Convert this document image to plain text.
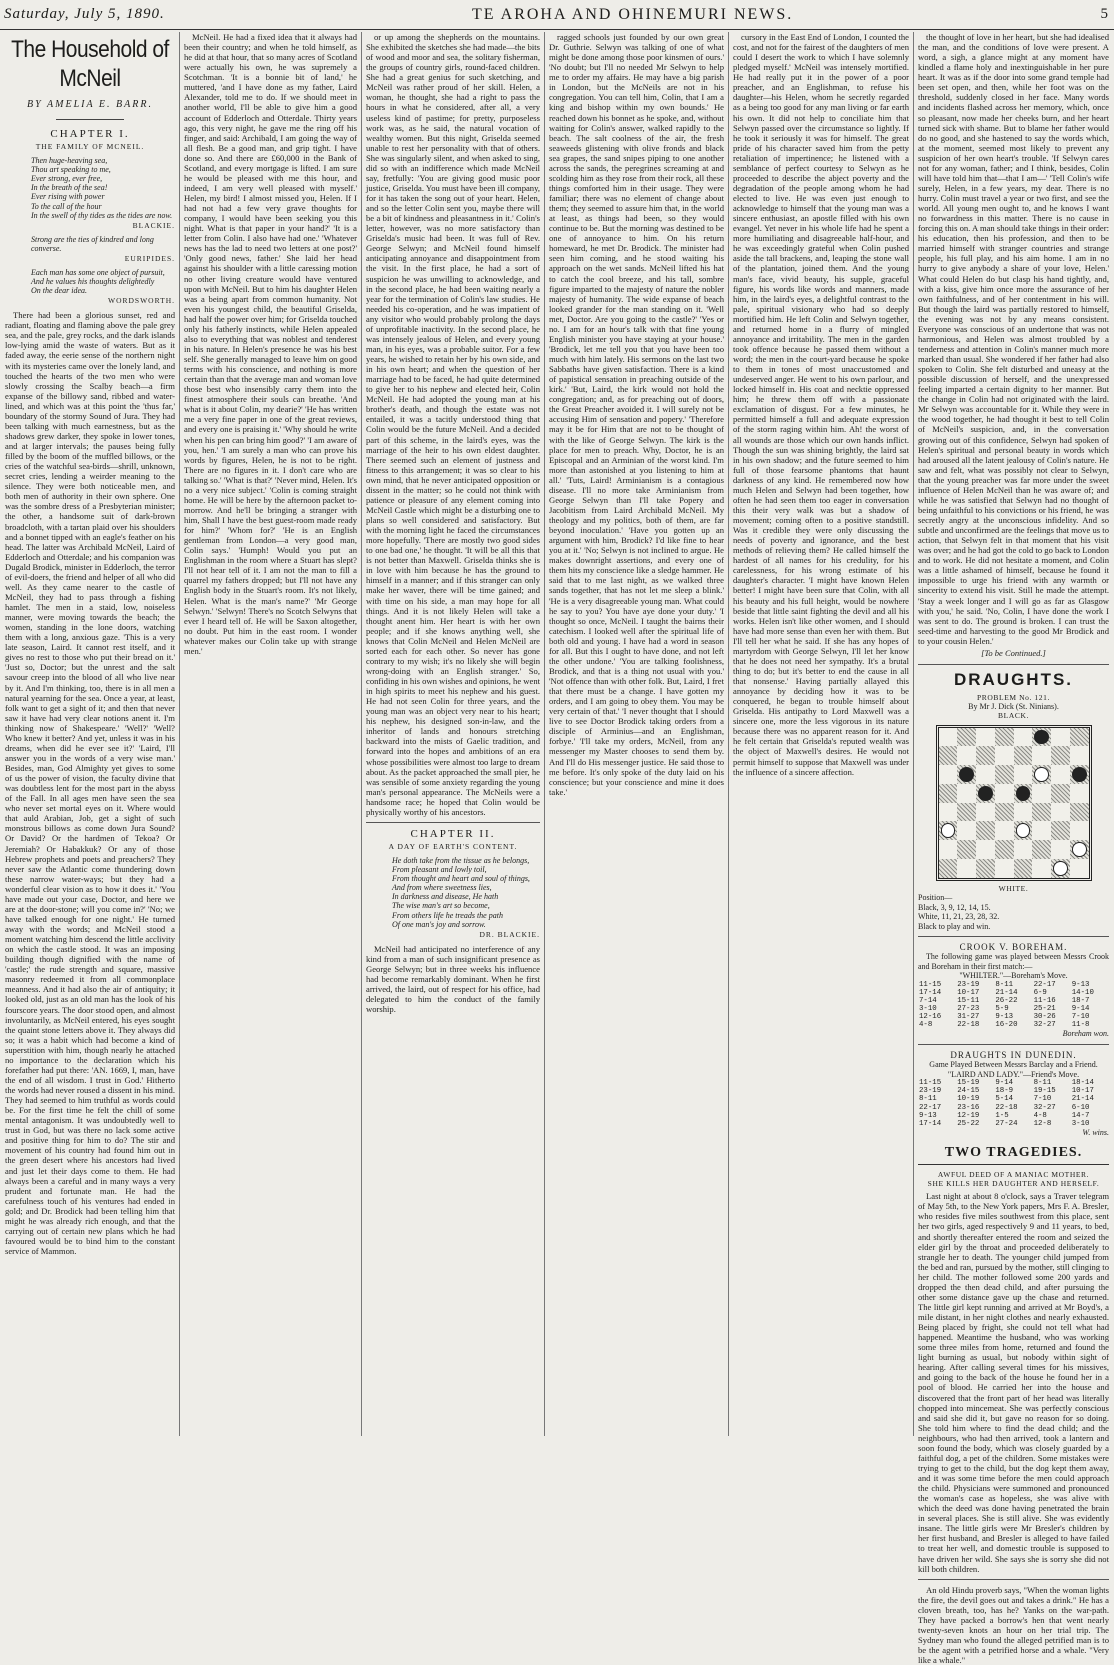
Saturday, July 5, 1890.	TE AROHA AND OHINEMURI NEWS.	5
The Household of McNeil
BY AMELIA E. BARR.
CHAPTER I.
THE FAMILY OF MCNEIL.
Then huge-heaving sea,
Thou art speaking to me,
Ever strong, ever free,
In the breath of the sea!
Ever rising with power
To the call of the hour
In the swell of thy tides as the tides are now.
BLACKIE.
Strong are the ties of kindred and long converse.
EURIPIDES.
Each man has some one object of pursuit,
And he values his thoughts delightedly
On the dear idea.
WORDSWORTH.

There had been a glorious sunset, red and radiant, floating and flaming above the pale grey sea, and the pale, grey rocks, and the dark islands low-lying amid the waste of waters. But as it faded away, the eerie sense of the northern night with its mysteries came over the lonely land, and touched the hearts of the two men who were slowly crossing the Scalby beach—a firm expanse of the billowy sand, ribbed and water-lined, and which was at this point the 'thus far,' boundary of the stormy Sound of Jura. They had been talking with much earnestness, but as the shadows grew darker, they spoke in lower tones, and at larger intervals; the pauses being fully filled by the boom of the muffled billows, or the cries of the watchful sea-birds—shrill, unknown, secret cries, lending a weirder meaning to the silence. They were both noticeable men, and both men of authority in their own sphere. One was the sombre dress of a Presbyterian minister; the other, a handsome suit of dark-brown broadcloth, with a tartan plaid over his shoulders and a bonnet tipped with an eagle's feather on his head. The latter was Archibald McNeil, Laird of Edderloch and Otterdale; and his companion was Dugald Brodick, minister in Edderloch, the terror of evil-doers, the friend and helper of all who did well. As they came nearer to the castle of McNeil, they had to pass through a fishing hamlet. The men in a staid, low, noiseless manner, were moving towards the beach; the women, standing in the lone doors, watching them with a long, anxious gaze. 'This is a very late season, Laird. It cannot rest itself, and it gives no rest to those who put their bread on it.' 'Just so, Doctor; but the unrest and the salt savour creep into the blood of all who live near by it. And I'm thinking, too, there is in all men a natural yearning for the sea. Once a year, at least, folk want to get a sight of it; and then that never saw it have had very clear notions anent it. I'm thinking now of Shakespeare.' 'Well?' 'Well? Who knew it better? And yet, unless it was in his dreams, when did he ever see it?' 'Laird, I'll answer you in the words of a very wise man.' Besides, man, God Almighty yet gives to some of us the power of vision, the faculty divine that was doubtless lent for the most part in the abyss of the Fall. In all ages men have seen the sea who never set mortal eyes on it. Where would that auld Arabian, Job, get a sight of such monstrous billows as come down Jura Sound? Or David? Or the hardmen of Tekoa? Or Jeremiah? Or Habakkuk? Or any of those Hebrew prophets and poets and preachers? They never saw the Atlantic come thundering down these narrow water-ways; but they had a wonderful clear vision as to how it does it.' 'You have made out your case, Doctor, and here we are at the door-stone; will you come in?' 'No; we have talked enough for one night.' He turned away with the words; and McNeil stood a moment watching him descend the little acclivity on which the castle stood. It was an imposing building though dignified with the name of 'castle;' the rude strength and square, massive masonry redeemed it from all commonplace meanness. And it had also the air of antiquity; it looked old, just as an old man has the look of his fourscore years. The door stood open, and almost involuntarily, as McNeil entered, his eyes sought the quaint stone letters above it. They always did so; it was a habit which had become a kind of superstition with him, though nearly he attached no importance to the declaration which his forefather had put there: 'AN. 1669, I, man, have the end of all wisdom. I trust in God.' Hitherto the words had never roused a dissent in his mind. They had seemed to him truthful as words could be. For the first time he felt the chill of some mental antagonism. It was undoubtedly well to trust in God, but was there no lack some active and positive thing for him to do? The stir and movement of his country had found him out in the green desert where his ancestors had lived and just let their days come to them. He had always been a careful and in many ways a very prudent and fortunate man. He had the carefulness touch of his ventures had ended in gold; and Dr. Brodick had been telling him that might he was already rich enough, and that the carrying out of certain new plans which he had favoured would be to bind him to the constant service of Mammon.

McNeil. He had a fixed idea that it always had been their country; and when he told himself, as he did at that hour, that so many acres of Scotland were actually his own, he was supremely a Scotchman. 'It is a bonnie bit of land,' he muttered, 'and I have done as my father, Laird Alexander, told me to do. If we should meet in another world, I'll be able to give him a good account of Edderloch and Otterdale. Thirty years ago, this very night, he gave me the ring off his finger, and said: Archibald, I am going the way of all flesh. Be a good man, and grip tight. I have done so. And there are £60,000 in the Bank of Scotland, and every mortgage is lifted. I am sure he would be pleased with me this hour, and indeed, I am very well pleased with myself.' Helen, my bird! I almost missed you, Helen. If I had not had a few very grave thoughts for company, I would have been seeking you this night. What is that paper in your hand?' 'It is a letter from Colin. I also have had one.' 'Whatever news has the lad to need two letters at one post?' 'Only good news, father.' She laid her head against his shoulder with a little caressing motion no other living creature would have ventured upon with McNeil. But to him his daughter Helen was a being apart from common humanity. Not even his youngest child, the beautiful Griselda, had half the power over him; for Griselda touched only his fatherly instincts, while Helen appealed also to everything that was noblest and tenderest in his nature. In Helen's presence he was his best self. She generally managed to leave him on good terms with his conscience, and nothing is more certain than that the average man and woman love those best who insensibly carry them into the finest atmosphere their souls can breathe. 'And what is it about Colin, my dearie?' 'He has written me a very fine paper in one of the great reviews, and every one is praising it.' 'Why should he write when his pen can bring him good?' 'I am aware of you, hen.' 'I am surely a man who can prove his words by figures, Helen, he is not to be right. There are no figures in it. I don't care who are talking so.' 'What is that?' 'Never mind, Helen. It's no a very nice subject.' 'Colin is coming straight home. He will be here by the afternoon packet to-morrow. And he'll be bringing a stranger with him, Shall I have the best guest-room made ready for him?' 'Whom for?' 'He is an English gentleman from London—a very good man, Colin says.' 'Humph! Would you put an Englishman in the room where a Stuart has slept? I'll not hear tell of it. I am not the man to fill a quarrel my fathers dropped; but I'll not have any English body in the Stuart's room. It's not likely, Helen. What is the man's name?' 'Mr George Selwyn.' 'Selwyn! There's no Scotch Selwyns that ever I heard tell of. He will be Saxon altogether, no doubt. Put him in the east room. I wonder whatever makes our Colin take up with strange men.'

or up among the shepherds on the mountains. She exhibited the sketches she had made—the bits of wood and moor and sea, the solitary fisherman, the groups of country girls, round-faced children. She had a great genius for such sketching, and McNeil was rather proud of her skill. Helen, a woman, he thought, she had a right to pass the hours in what he considered, after all, a very useless kind of pastime; for pretty, purposeless work was, as he said, the natural vocation of wealthy women. But this night, Griselda seemed unable to rest her personality with that of others. She was singularly silent, and when asked to sing, did so with an indifference which made McNeil say, fretfully: 'You are giving good music poor justice, Griselda. You must have been ill company, for it has taken the song out of your heart. Helen, and so the letter Colin sent you, maybe there will be a bit of kindness and pleasantness in it.' Colin's letter, however, was no more satisfactory than Griselda's music had been. It was full of Rev. George Selwyn; and McNeil found himself anticipating annoyance and disappointment from the visit. In the first place, he had a sort of suspicion he was unwilling to acknowledge, and in the second place, he had been waiting nearly a year for the termination of Colin's law studies. He needed his co-operation, and he was impatient of any visitor who would probably prolong the days of unprofitable inactivity. In the second place, he was intensely jealous of Helen, and every young man, in his eyes, was a probable suitor. For a few years, he wished to retain her by his own side, and in his own heart; and when the question of her marriage had to be faced, he had quite determined to give her to his nephew and elected heir, Colin McNeil. He had adopted the young man at his brother's death, and though the estate was not entailed, it was a tacitly understood thing that Colin would be the future McNeil. And a decided part of this scheme, in the laird's eyes, was the marriage of the heir to his own eldest daughter. There seemed such an element of justness and fitness to this arrangement; it was so clear to his own mind, that he never anticipated opposition or dissent in the matter; so he could not think with patience or pleasure of any element coming into McNeil Castle which might be a disturbing one to plans so well considered and satisfactory. But with the morning light he faced the circumstances more hopefully. 'There are mostly two good sides to one bad one,' he thought. 'It will be all this that is not better than Maxwell. Griselda thinks she is in love with him because he has the ground to himself in a manner; and if this stranger can only make her waver, there will be time gained; and with time on his side, a man may hope for all things. And it is not likely Helen will take a thought anent him. Her heart is with her own people; and if she knows anything well, she knows that Colin McNeil and Helen McNeil are sorted each for each other. So never has gone contrary to my wish; it's no likely she will begin wrong-doing with an English stranger.' So, confiding in his own wishes and opinions, he went in high spirits to meet his nephew and his guest. He had not seen Colin for three years, and the young man was an object very near to his heart; his nephew, his designed son-in-law, and the inheritor of lands and honours stretching backward into the mists of Gaelic tradition, and forward into the hopes and ambitions of an era whose possibilities were almost too large to dream about. As the packet approached the small pier, he was sensible of some anxiety regarding the young man's personal appearance. The McNeils were a handsome race; he hoped that Colin would be physically worthy of his ancestors.

CHAPTER II.
A DAY OF EARTH'S CONTENT.
He doth take from the tissue as he belongs,
From pleasant and lowly toil,
From thought and heart and soul of things,
And from where sweetness lies,
In darkness and disease, He hath
The wise man's art so become,
From others life he treads the path
Of one man's joy and sorrow.
DR. BLACKIE.

McNeil had anticipated no interference of any kind from a man of such insignificant presence as George Selwyn; but in three weeks his influence had become remarkably dominant. When he first arrived, the laird, out of respect for his office, had delegated to him the conduct of the family worship.

ragged schools just founded by our own great Dr. Guthrie. Selwyn was talking of one of what might be done among those poor kinsmen of ours.' 'No doubt; but I'll no needed Mr Selwyn to help me to order my affairs. He may have a big parish in London, but the McNeils are not in his congregation. You can tell him, Colin, that I am a king and bishop within my own bounds.' He reached down his bonnet as he spoke, and, without waiting for Colin's answer, walked rapidly to the beach. The salt coolness of the air, the fresh seaweeds glistening with olive fronds and black sea grapes, the sand snipes piping to one another across the sands, the peregrines screaming at and scolding him as they rose from their rock, all these things comforted him in their usage. They were familiar; there was no element of change about them; they seemed to assure him that, in the world at least, as things had been, so they would continue to be. But the morning was destined to be one of annoyance to him. On his return homeward, he met Dr. Brodick. The minister had seen him coming, and he stood waiting his approach on the wet sands. McNeil lifted his hat to catch the cool breeze, and his tall, sombre figure imparted to the majesty of nature the nobler majesty of humanity. The wide expanse of beach looked grander for the man standing on it. 'Well met, Doctor. Are you going to the castle?' 'Yes or no. I am for an hour's talk with that fine young English minister you have staying at your house.' 'Brodick, let me tell you that you have been too much with him lately. His sermons on the last two Sabbaths have given satisfaction. There is a kind of papistical sensation in preaching outside of the kirk.' 'But, Laird, the kirk would not hold the congregation; and, as for preaching out of doors, the Great Preacher avoided it. I will surely not be accusing Him of sensation and popery.' 'Therefore may it be for Him that are not to be thought of with the like of George Selwyn. The kirk is the place for men to preach. Why, Doctor, he is an Episcopal and an Arminian of the worst kind. I'm more than astonished at you listening to him at all.' 'Tuts, Laird! Arminianism is a contagious disease. I'll no more take Arminianism from George Selwyn than I'll take Popery and Jacobitism from Laird Archibald McNeil. My theology and my politics, both of them, are far beyond inoculation.' 'Have you gotten up an argument with him, Brodick? I'd like fine to hear you at it.' 'No; Selwyn is not inclined to argue. He makes downright assertions, and every one of them hits my conscience like a sledge hammer. He said that to me last night, as we walked three sands together, that has not let me sleep a blink.' 'He is a very disagreeable young man. What could he say to you? You have aye done your duty.' 'I thought so once, McNeil. I taught the bairns their catechism. I looked well after the spiritual life of both old and young. I have had a word in season for all. But this I ought to have done, and not left the other undone.' 'You are talking foolishness, Brodick, and that is a thing not usual with you.' 'Not offence than with other folk. But, Laird, I fret that there must be a change. I have gotten my orders, and I am going to obey them. You may be very certain of that.' 'I never thought that I should live to see Doctor Brodick taking orders from a disciple of Arminius—and an Englishman, forbye.' 'I'll take my orders, McNeil, from any messenger my Master chooses to send them by. And I'll do His messenger justice. He said those to me before. It's only spoke of the duty laid on his conscience; but your conscience and mine it does take.'

cursory in the East End of London, I counted the cost, and not for the fairest of the daughters of men could I desert the work to which I have solemnly pledged myself.' McNeil was intensely mortified. He had really put it in the power of a poor preacher, and an Englishman, to refuse his daughter—his Helen, whom he secretly regarded as a being too good for any man living or far earth his own. It did not help to conciliate him that Selwyn passed over the circumstance so lightly. If he took it seriously it was for himself. The great pride of his character saved him from the petty retaliation of impertinence; he listened with a semblance of perfect courtesy to Selwyn as he proceeded to describe the abject poverty and the degradation of the people among whom he had elected to live. He was even just enough to acknowledge to himself that the young man was a sincere enthusiast, an apostle filled with his own evangel. Yet never in his whole life had he spent a more humiliating and disagreeable half-hour, and he was exceedingly grateful when Colin pushed aside the tall brackens, and, leaping the stone wall of the plantation, joined them. And the young man's face, vivid beauty, his supple, graceful figure, his words like words and manners, made him, in the laird's eyes, a delightful contrast to the pale, spiritual visionary who had so deeply mortified him. He left Colin and Selwyn together, and returned home in a flurry of mingled annoyance and irritability. The men in the garden took offence because he passed them without a word; the men in the court-yard because he spoke to them in tones of most unaccustomed and undeserved anger. He went to his own parlour, and locked himself in. His coat and necktie oppressed him; he threw them off with a passionate exclamation of disgust. For a few minutes, he permitted himself a full and adequate expression of the storm raging within him. Ah! the worst of all wounds are those which our own hands inflict. Though the sun was shining brightly, the laird sat in his own shadow; and the future seemed to him full of those fearsome phantoms that haunt darkness of any kind. He remembered now how much Helen and Selwyn had been together, how often he had seen them too eager in conversation this their very walk was but a shadow of movement; coming often to a positive standstill. Was it credible they were only discussing the needs of poverty and ignorance, and the best methods of relieving them? He called himself the hardest of all names for his credulity, for his carelessness, for his wrong estimate of his daughter's character. 'I might have known Helen better! I might have been sure that Colin, with all his beauty and his full height, would be nowhere beside that little saint fighting the devil and all his works. Helen isn't like other women, and I should have had more sense than even her with them. But I'll tell her what he said. If she has any hopes of martyrdom with George Selwyn, I'll let her know that he does not need her sympathy. It's a brutal thing to do; but it's better to end the cause in all that nonsense.' Having partially allayed this annoyance by deciding how it was to be conquered, he began to trouble himself about Griselda. His antipathy to Lord Maxwell was a sincere one, more the less vigorous in its nature because there was no apparent reason for it. And he felt certain that Griselda's reputed wealth was the object of Maxwell's desires. He would not permit himself to suppose that Maxwell was under the influence of a sincere affection.

the thought of love in her heart, but she had idealised the man, and the conditions of love were present. A word, a sigh, a glance might at any moment have kindled a flame holy and inextinguishable in her pure heart. It was as if the door into some grand temple had been set open, and then, while her foot was on the threshold, suddenly closed in her face. Many words and incidents flashed across her memory, which, once so pleasant, now made her cheeks burn, and her heart turned sick with shame. But to blame her father would do no good, and she hastened to say the words which, at the moment, seemed most likely to prevent any suspicion of her own heart's trouble. 'If Selwyn cares not for any woman, father; and I think, besides, Colin will have told him that—that I am—' 'Tell Colin's wife surely, Helen, in a few years, my dear. There is no hurry. Colin must travel a year or two first, and see the world. All young men ought to, and he knows I want no forwardness in this matter. There is no cause in forcing this on. A man should take things in their order: his education, then his profession, and then to be married himself with stranger countries and strange people, his full play, and his aim home. I am in no hurry to give anybody a share of your love, Helen.' What could Helen do but clasp his hand tightly, and, with a kiss, give him once more the assurance of her own faithfulness, and of her contentment in his will. But though the laird was partially restored to himself, the evening was not by any means consistent. Everyone was conscious of an undertone that was not harmonious, and Helen was almost troubled by a tenderness and attention in Colin's manner much more marked than usual. She wondered if her father had also spoken to Colin. She felt disturbed and uneasy at the possible discussion of herself, and the unexpressed feeling imparted a certain dignity to her manner. But the change in Colin had not originated with the laird. Mr Selwyn was accountable for it. While they were in the wood together, he had thought it best to tell Colin of McNeil's suspicion, and, in the conversation growing out of this confidence, Selwyn had spoken of Helen's spiritual and personal beauty in words which had aroused all the latent jealousy of Colin's nature. He saw and felt, what was possibly not clear to Selwyn, that the young preacher was far more under the sweet influence of Helen McNeil than he was aware of; and while he was satisfied that Selwyn had no thought of being unfaithful to his convictions or his friend, he was secretly angry at the unconscious infidelity. And so subtle and unconfirmed are the feelings that move us to action, that Selwyn felt in that moment that his visit was over; and he had got the cold to go back to London and to work. He did not hesitate a moment, and Colin was a little ashamed of himself, because he found it impossible to urge his friend with any warmth or sincerity to extend his visit. Still he made the attempt. 'Stay a week longer and I will go as far as Glasgow with you,' he said. 'No, Colin, I have done the work I was sent to do. The ground is broken. I can trust the seed-time and harvesting to the good Mr Brodick and to your cousin Helen.'

[To be Continued.]
DRAUGHTS.
PROBLEM No. 121.
By Mr J. Dick (St. Ninians).
BLACK.
WHITE.
Position—
Black, 3, 9, 12, 14, 15.
White, 11, 21, 23, 28, 32.
Black to play and win.
CROOK V. BOREHAM.

The following game was played between Messrs Crook and Boreham in their first match:—

"WHILTER."—Boreham's Move.
11-15	23-19	8-11	22-17	9-13
17-14	10-17	21-14	6-9	14-10
7-14	15-11	26-22	11-16	18-7
3-10	27-23	5-9	25-21	9-14
12-16	31-27	9-13	30-26	7-10
4-8	22-18	16-20	32-27	11-8
Boreham won.
DRAUGHTS IN DUNEDIN.
Game Played Between Messrs Barclay and a Friend.
"LAIRD AND LADY."—Friend's Move.
11-15	15-19	9-14	8-11	18-14
23-19	24-15	18-9	19-15	10-17
8-11	10-19	5-14	7-10	21-14
22-17	23-16	22-18	32-27	6-10
9-13	12-19	1-5	4-8	14-7
17-14	25-22	27-24	12-8	3-10
W. wins.
TWO TRAGEDIES.
AWFUL DEED OF A MANIAC MOTHER.
SHE KILLS HER DAUGHTER AND HERSELF.

Last night at about 8 o'clock, says a Traver telegram of May 5th, to the New York papers, Mrs F. A. Bresler, who resides five miles southwest from this place, sent her two girls, aged respectively 9 and 11 years, to bed, and shortly thereafter entered the room and seized the elder girl by the throat and proceeded deliberately to strangle her to death. The younger child jumped from the bed and ran, pursued by the mother, still clinging to her child. The mother followed some 200 yards and dropped the then dead child, and after pursuing the other some distance gave up the chase and returned. The little girl kept running and arrived at Mr Boyd's, a mile distant, in her night clothes and nearly exhausted. Being placed by fright, she could not tell what had happened. Meantime the husband, who was working some three miles from home, returned and found the light burning as usual, but nobody within sight of hearing. After calling several times for his missives, and going to the back of the house he found her in a pool of blood. He carried her into the house and discovered that the front part of her head was literally chopped into mincemeat. She was perfectly conscious and said she did it, but gave no reason for so doing. She told him where to find the dead child; and the neighbours, who had then arrived, took a lantern and soon found the body, which was closely guarded by a faithful dog, a pet of the children. Some mistakes were trying to get to the child, but the dog kept them away, and it was some time before the men could approach the child. Physicians were summoned and pronounced the woman's case as hopeless, she was alive with which the deed was done having penetrated the brain in several places. She is still alive. She was evidently insane. The little girls were Mr Bresler's children by her first husband, and Bresler is alleged to have failed to treat her well, and domestic trouble is supposed to have driven her wild. She says she is sorry she did not kill both children.

An old Hindu proverb says, "When the woman lights the fire, the devil goes out and takes a drink." He has a cloven breath, too, has he? Yanks on the war-path. They have packed a borrow's hen that went nearly twenty-seven knots an hour on her trial trip. The Sydney man who found the alleged petrified man is to be the agent with a petrified horse and a whale. "Very like a whale."
